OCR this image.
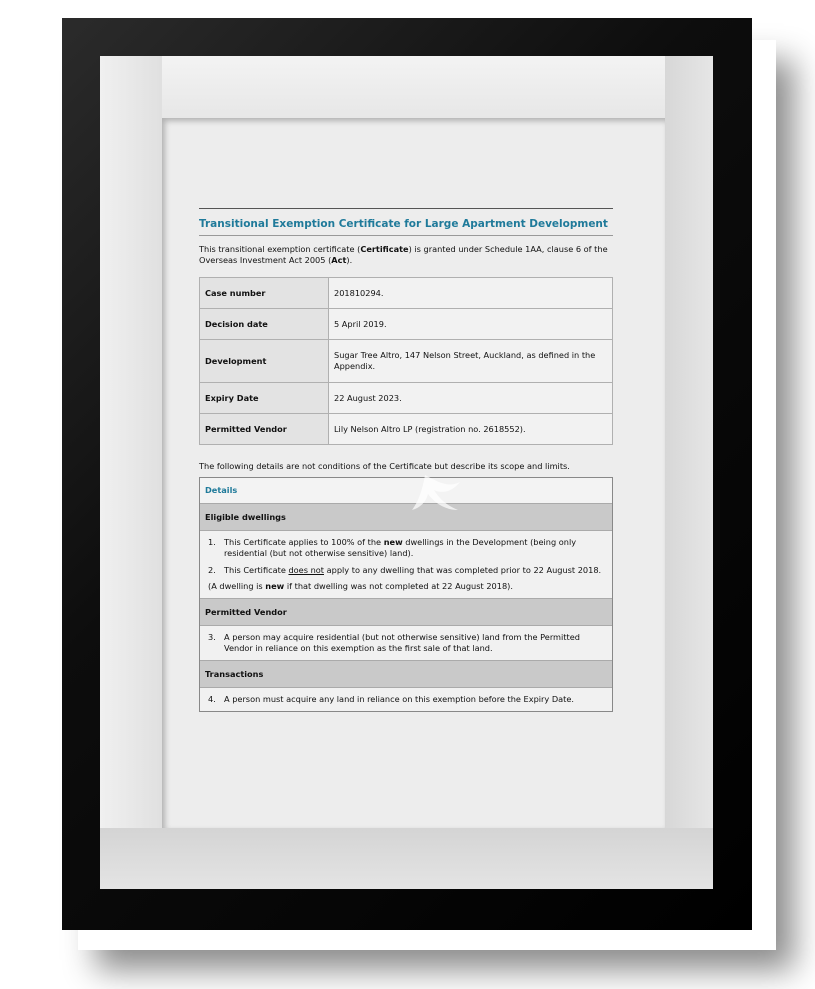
Transitional Exemption Certificate for Large Apartment Development

This transitional exemption certificate (Certificate) is granted under Schedule 1AA, clause 6 of the Overseas Investment Act 2005 (Act).

Case number	201810294.
Decision date	5 April 2019.
Development	Sugar Tree Altro, 147 Nelson Street, Auckland, as defined in the Appendix.
Expiry Date	22 August 2023.
Permitted Vendor	Lily Nelson Altro LP (registration no. 2618552).

The following details are not conditions of the Certificate but describe its scope and limits.

Details
Eligible dwellings
1. This Certificate applies to 100% of the new dwellings in the Development (being only residential (but not otherwise sensitive) land).
2. This Certificate does not apply to any dwelling that was completed prior to 22 August 2018.
(A dwelling is new if that dwelling was not completed at 22 August 2018).
Permitted Vendor
3. A person may acquire residential (but not otherwise sensitive) land from the Permitted Vendor in reliance on this exemption as the first sale of that land.
Transactions
4. A person must acquire any land in reliance on this exemption before the Expiry Date.
